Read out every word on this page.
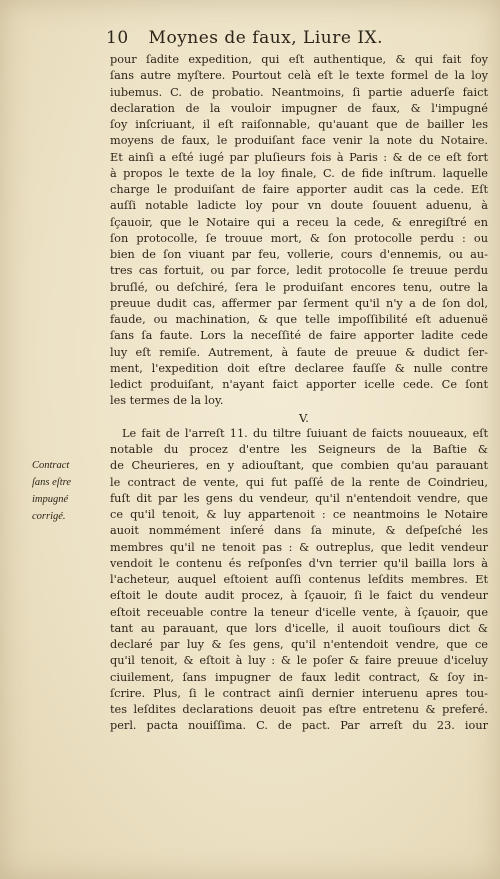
10 Moynes de faux, Liure IX.
Contract
ſans eſtre
impugné
corrigé.
pour ſadite expedition, qui eſt authentique, & qui fait foy
ſans autre myſtere. Pourtout celà eſt le texte formel de la loy
iubemus. C. de probatio. Neantmoins, ſi partie aduerſe faict
declaration de la vouloir impugner de faux, & l'impugné
ſoy inſcriuant, il eſt raiſonnable, qu'auant que de bailler les
moyens de faux, le produiſant face venir la note du Notaire.
Et ainſi a eſté iugé par pluſieurs fois à Paris : & de ce eſt fort
à propos le texte de la loy finale, C. de fide inſtrum. laquelle
charge le produiſant de faire apporter audit cas la cede. Eſt
auſſi notable ladicte loy pour vn doute ſouuent aduenu, à
ſçauoir, que le Notaire qui a receu la cede, & enregiſtré en
ſon protocolle, ſe trouue mort, & ſon protocolle perdu : ou
bien de ſon viuant par feu, vollerie, cours d'ennemis, ou au-
tres cas fortuit, ou par force, ledit protocolle ſe treuue perdu
bruſlé, ou deſchiré, ſera le produiſant encores tenu, outre la
preuue dudit cas, affermer par ſerment qu'il n'y a de ſon dol,
faude, ou machination, & que telle impoſſibilité eſt aduenuë
ſans ſa faute. Lors la neceſſité de faire apporter ladite cede
luy eſt remiſe. Autrement, à faute de preuue & dudict ſer-
ment, l'expedition doit eſtre declaree fauſſe & nulle contre
ledict produiſant, n'ayant faict apporter icelle cede. Ce ſont
les termes de la loy.
V.
Le fait de l'arreſt 11. du tiltre ſuiuant de faicts nouueaux, eſt
notable du procez d'entre les Seigneurs de la Baſtie &
de Cheurieres, en y adiouſtant, que combien qu'au parauant
le contract de vente, qui fut paſſé de la rente de Coindrieu,
fuſt dit par les gens du vendeur, qu'il n'entendoit vendre, que
ce qu'il tenoit, & luy appartenoit : ce neantmoins le Notaire
auoit nommément inſeré dans ſa minute, & deſpeſché les
membres qu'il ne tenoit pas : & outreplus, que ledit vendeur
vendoit le contenu és reſponſes d'vn terrier qu'il bailla lors à
l'acheteur, auquel eſtoient auſſi contenus leſdits membres. Et
eſtoit le doute audit procez, à ſçauoir, ſi le faict du vendeur
eſtoit receuable contre la teneur d'icelle vente, à ſçauoir, que
tant au parauant, que lors d'icelle, il auoit touſiours dict &
declaré par luy & ſes gens, qu'il n'entendoit vendre, que ce
qu'il tenoit, & eſtoit à luy : & le poſer & faire preuue d'iceluy
ciuilement, ſans impugner de faux ledit contract, & ſoy in-
ſcrire. Plus, ſi le contract ainſi dernier interuenu apres tou-
tes leſdites declarations deuoit pas eſtre entretenu & preferé.
perl. pacta nouiſſima. C. de pact. Par arreſt du 23. iour
